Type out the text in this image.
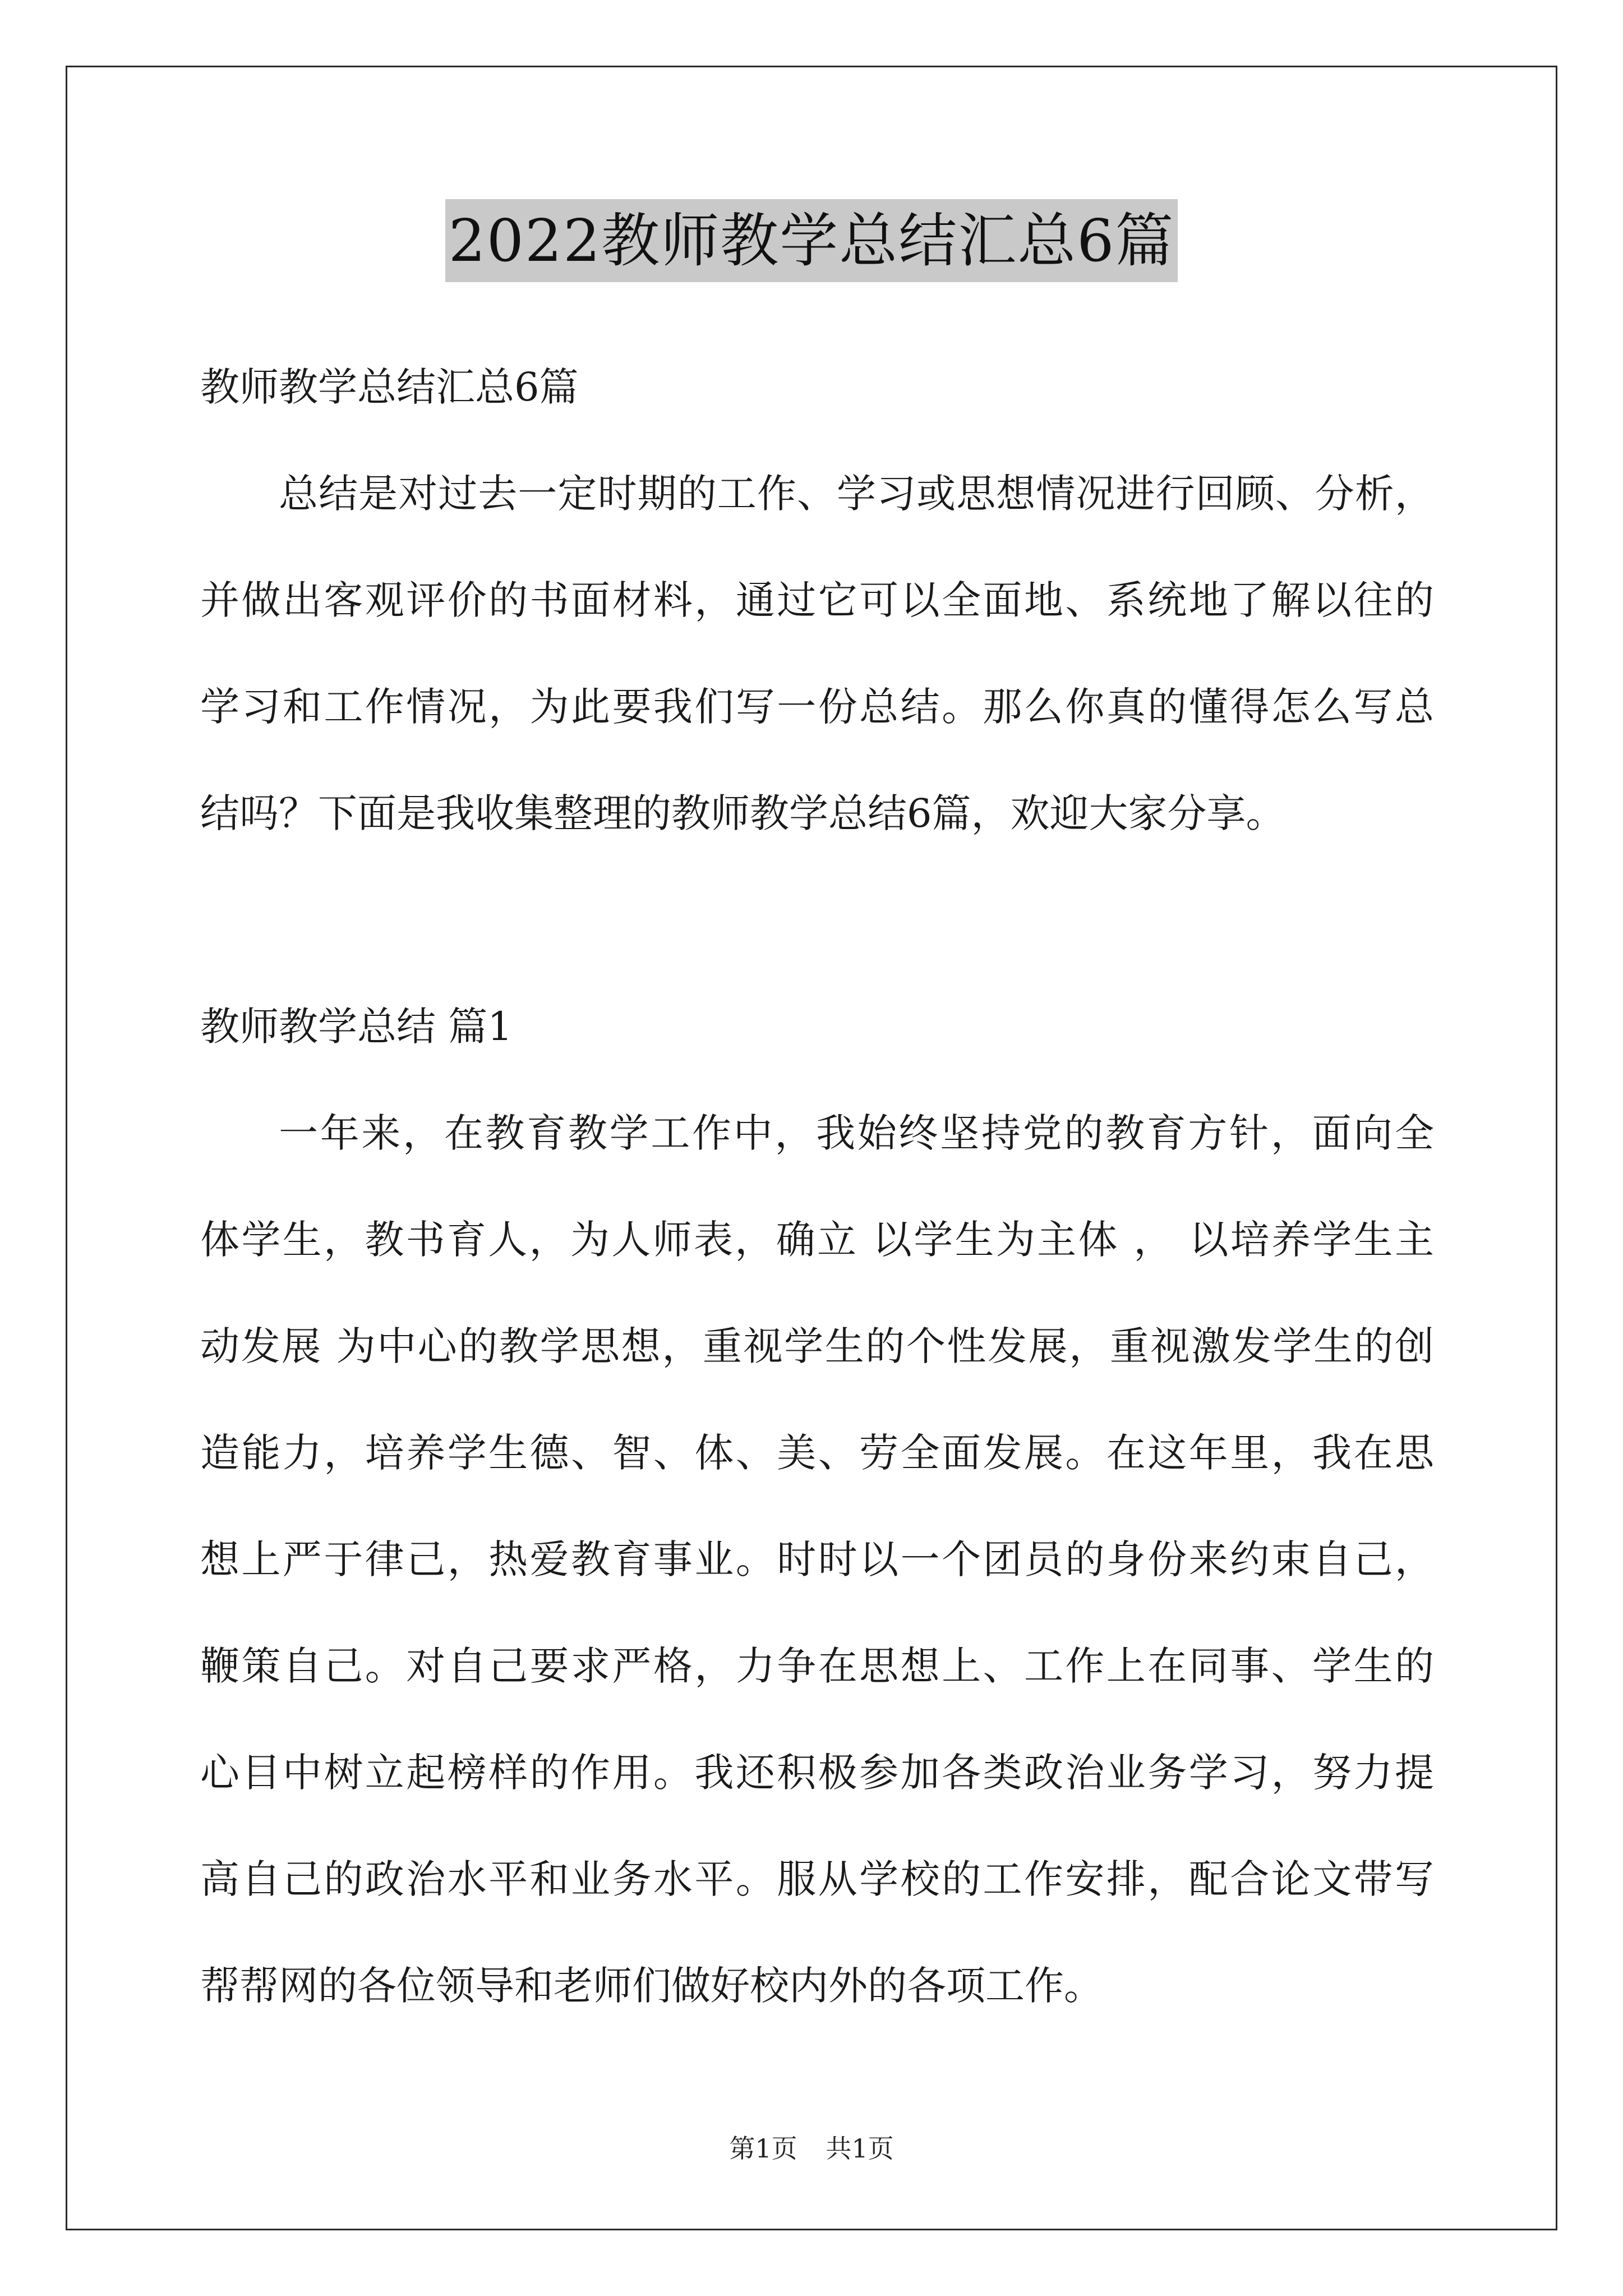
2022教师教学总结汇总6篇
教师教学总结汇总6篇
总结是对过去一定时期的工作、学习或思想情况进行回顾、分析，
并做出客观评价的书面材料，通过它可以全面地、系统地了解以往的
学习和工作情况，为此要我们写一份总结。那么你真的懂得怎么写总
结吗？下面是我收集整理的教师教学总结6篇，欢迎大家分享。
教师教学总结 篇1
一年来，在教育教学工作中，我始终坚持党的教育方针，面向全
体学生，教书育人，为人师表，确立 以学生为主体 ， 以培养学生主
动发展 为中心的教学思想，重视学生的个性发展，重视激发学生的创
造能力，培养学生德、智、体、美、劳全面发展。在这年里，我在思
想上严于律己，热爱教育事业。时时以一个团员的身份来约束自己，
鞭策自己。对自己要求严格，力争在思想上、工作上在同事、学生的
心目中树立起榜样的作用。我还积极参加各类政治业务学习，努力提
高自己的政治水平和业务水平。服从学校的工作安排，配合论文带写
帮帮网的各位领导和老师们做好校内外的各项工作。
第1页 共1页
